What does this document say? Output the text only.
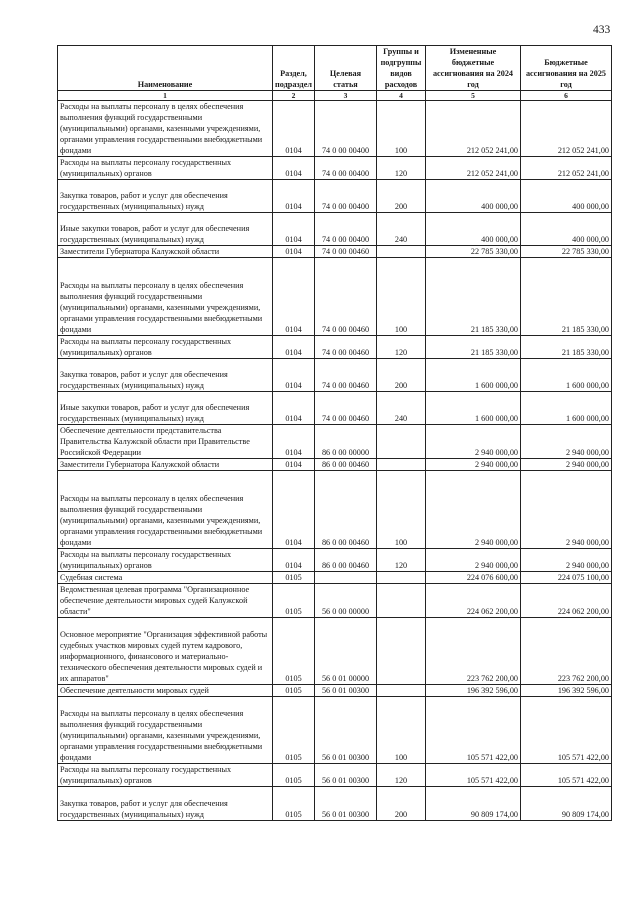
433
Наименование	Раздел, подраздел	Целевая статья	Группы и подгруппы видов расходов	Измененные бюджетные ассигнования на 2024 год	Бюджетные ассигнования на 2025 год
1	2	3	4	5	6
Расходы на выплаты персоналу в целях обеспечения выполнения функций государственными (муниципальными) органами, казенными учреждениями, органами управления государственными внебюджетными фондами	0104	74 0 00 00400	100	212 052 241,00	212 052 241,00
Расходы на выплаты персоналу государственных (муниципальных) органов	0104	74 0 00 00400	120	212 052 241,00	212 052 241,00
Закупка товаров, работ и услуг для обеспечения государственных (муниципальных) нужд	0104	74 0 00 00400	200	400 000,00	400 000,00
Иные закупки товаров, работ и услуг для обеспечения государственных (муниципальных) нужд	0104	74 0 00 00400	240	400 000,00	400 000,00
Заместители Губернатора Калужской области	0104	74 0 00 00460		22 785 330,00	22 785 330,00
Расходы на выплаты персоналу в целях обеспечения выполнения функций государственными (муниципальными) органами, казенными учреждениями, органами управления государственными внебюджетными фондами	0104	74 0 00 00460	100	21 185 330,00	21 185 330,00
Расходы на выплаты персоналу государственных (муниципальных) органов	0104	74 0 00 00460	120	21 185 330,00	21 185 330,00
Закупка товаров, работ и услуг для обеспечения государственных (муниципальных) нужд	0104	74 0 00 00460	200	1 600 000,00	1 600 000,00
Иные закупки товаров, работ и услуг для обеспечения государственных (муниципальных) нужд	0104	74 0 00 00460	240	1 600 000,00	1 600 000,00
Обеспечение деятельности представительства Правительства Калужской области при Правительстве Российской Федерации	0104	86 0 00 00000		2 940 000,00	2 940 000,00
Заместители Губернатора Калужской области	0104	86 0 00 00460		2 940 000,00	2 940 000,00
Расходы на выплаты персоналу в целях обеспечения выполнения функций государственными (муниципальными) органами, казенными учреждениями, органами управления государственными внебюджетными фондами	0104	86 0 00 00460	100	2 940 000,00	2 940 000,00
Расходы на выплаты персоналу государственных (муниципальных) органов	0104	86 0 00 00460	120	2 940 000,00	2 940 000,00
Судебная система	0105			224 076 600,00	224 075 100,00
Ведомственная целевая программа "Организационное обеспечение деятельности мировых судей Калужской области"	0105	56 0 00 00000		224 062 200,00	224 062 200,00
Основное мероприятие "Организация эффективной работы судебных участков мировых судей путем кадрового, информационного, финансового и материально-технического обеспечения деятельности мировых судей и их аппаратов"	0105	56 0 01 00000		223 762 200,00	223 762 200,00
Обеспечение деятельности мировых судей	0105	56 0 01 00300		196 392 596,00	196 392 596,00
Расходы на выплаты персоналу в целях обеспечения выполнения функций государственными (муниципальными) органами, казенными учреждениями, органами управления государственными внебюджетными фондами	0105	56 0 01 00300	100	105 571 422,00	105 571 422,00
Расходы на выплаты персоналу государственных (муниципальных) органов	0105	56 0 01 00300	120	105 571 422,00	105 571 422,00
Закупка товаров, работ и услуг для обеспечения государственных (муниципальных) нужд	0105	56 0 01 00300	200	90 809 174,00	90 809 174,00
